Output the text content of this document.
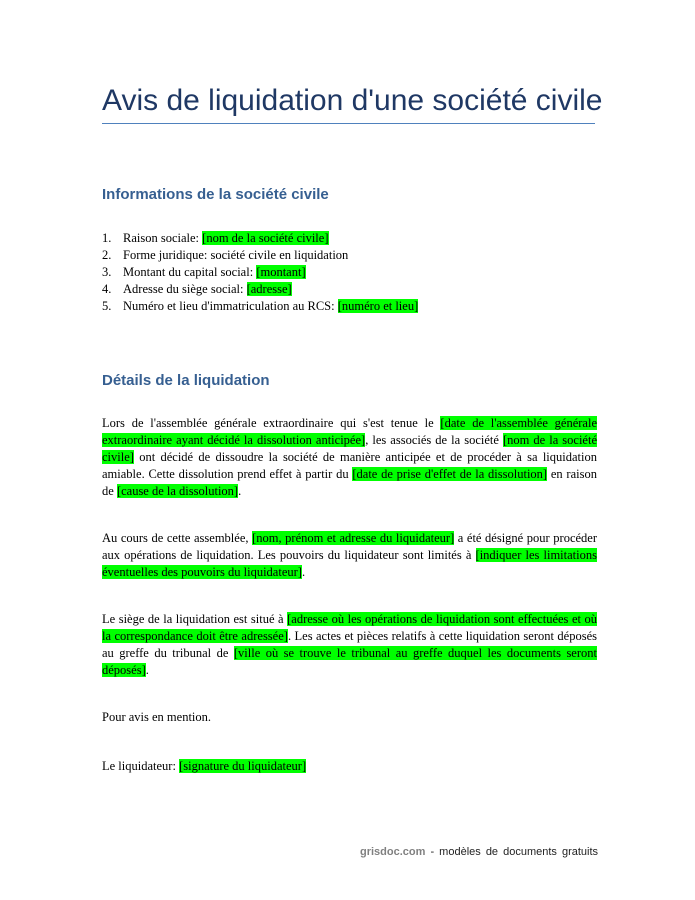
Avis de liquidation d'une société civile
Informations de la société civile
1. Raison sociale: [nom de la société civile]
2. Forme juridique: société civile en liquidation
3. Montant du capital social: [montant]
4. Adresse du siège social: [adresse]
5. Numéro et lieu d'immatriculation au RCS: [numéro et lieu]
Détails de la liquidation

Lors de l'assemblée générale extraordinaire qui s'est tenue le [date de l'assemblée générale extraordinaire ayant décidé la dissolution anticipée], les associés de la société [nom de la société civile] ont décidé de dissoudre la société de manière anticipée et de procéder à sa liquidation amiable. Cette dissolution prend effet à partir du [date de prise d'effet de la dissolution] en raison de [cause de la dissolution].

Au cours de cette assemblée, [nom, prénom et adresse du liquidateur] a été désigné pour procéder aux opérations de liquidation. Les pouvoirs du liquidateur sont limités à [indiquer les limitations éventuelles des pouvoirs du liquidateur].

Le siège de la liquidation est situé à [adresse où les opérations de liquidation sont effectuées et où la correspondance doit être adressée]. Les actes et pièces relatifs à cette liquidation seront déposés au greffe du tribunal de [ville où se trouve le tribunal au greffe duquel les documents seront déposés].

Pour avis en mention.

Le liquidateur: [signature du liquidateur]

grisdoc.com - modèles de documents gratuits
